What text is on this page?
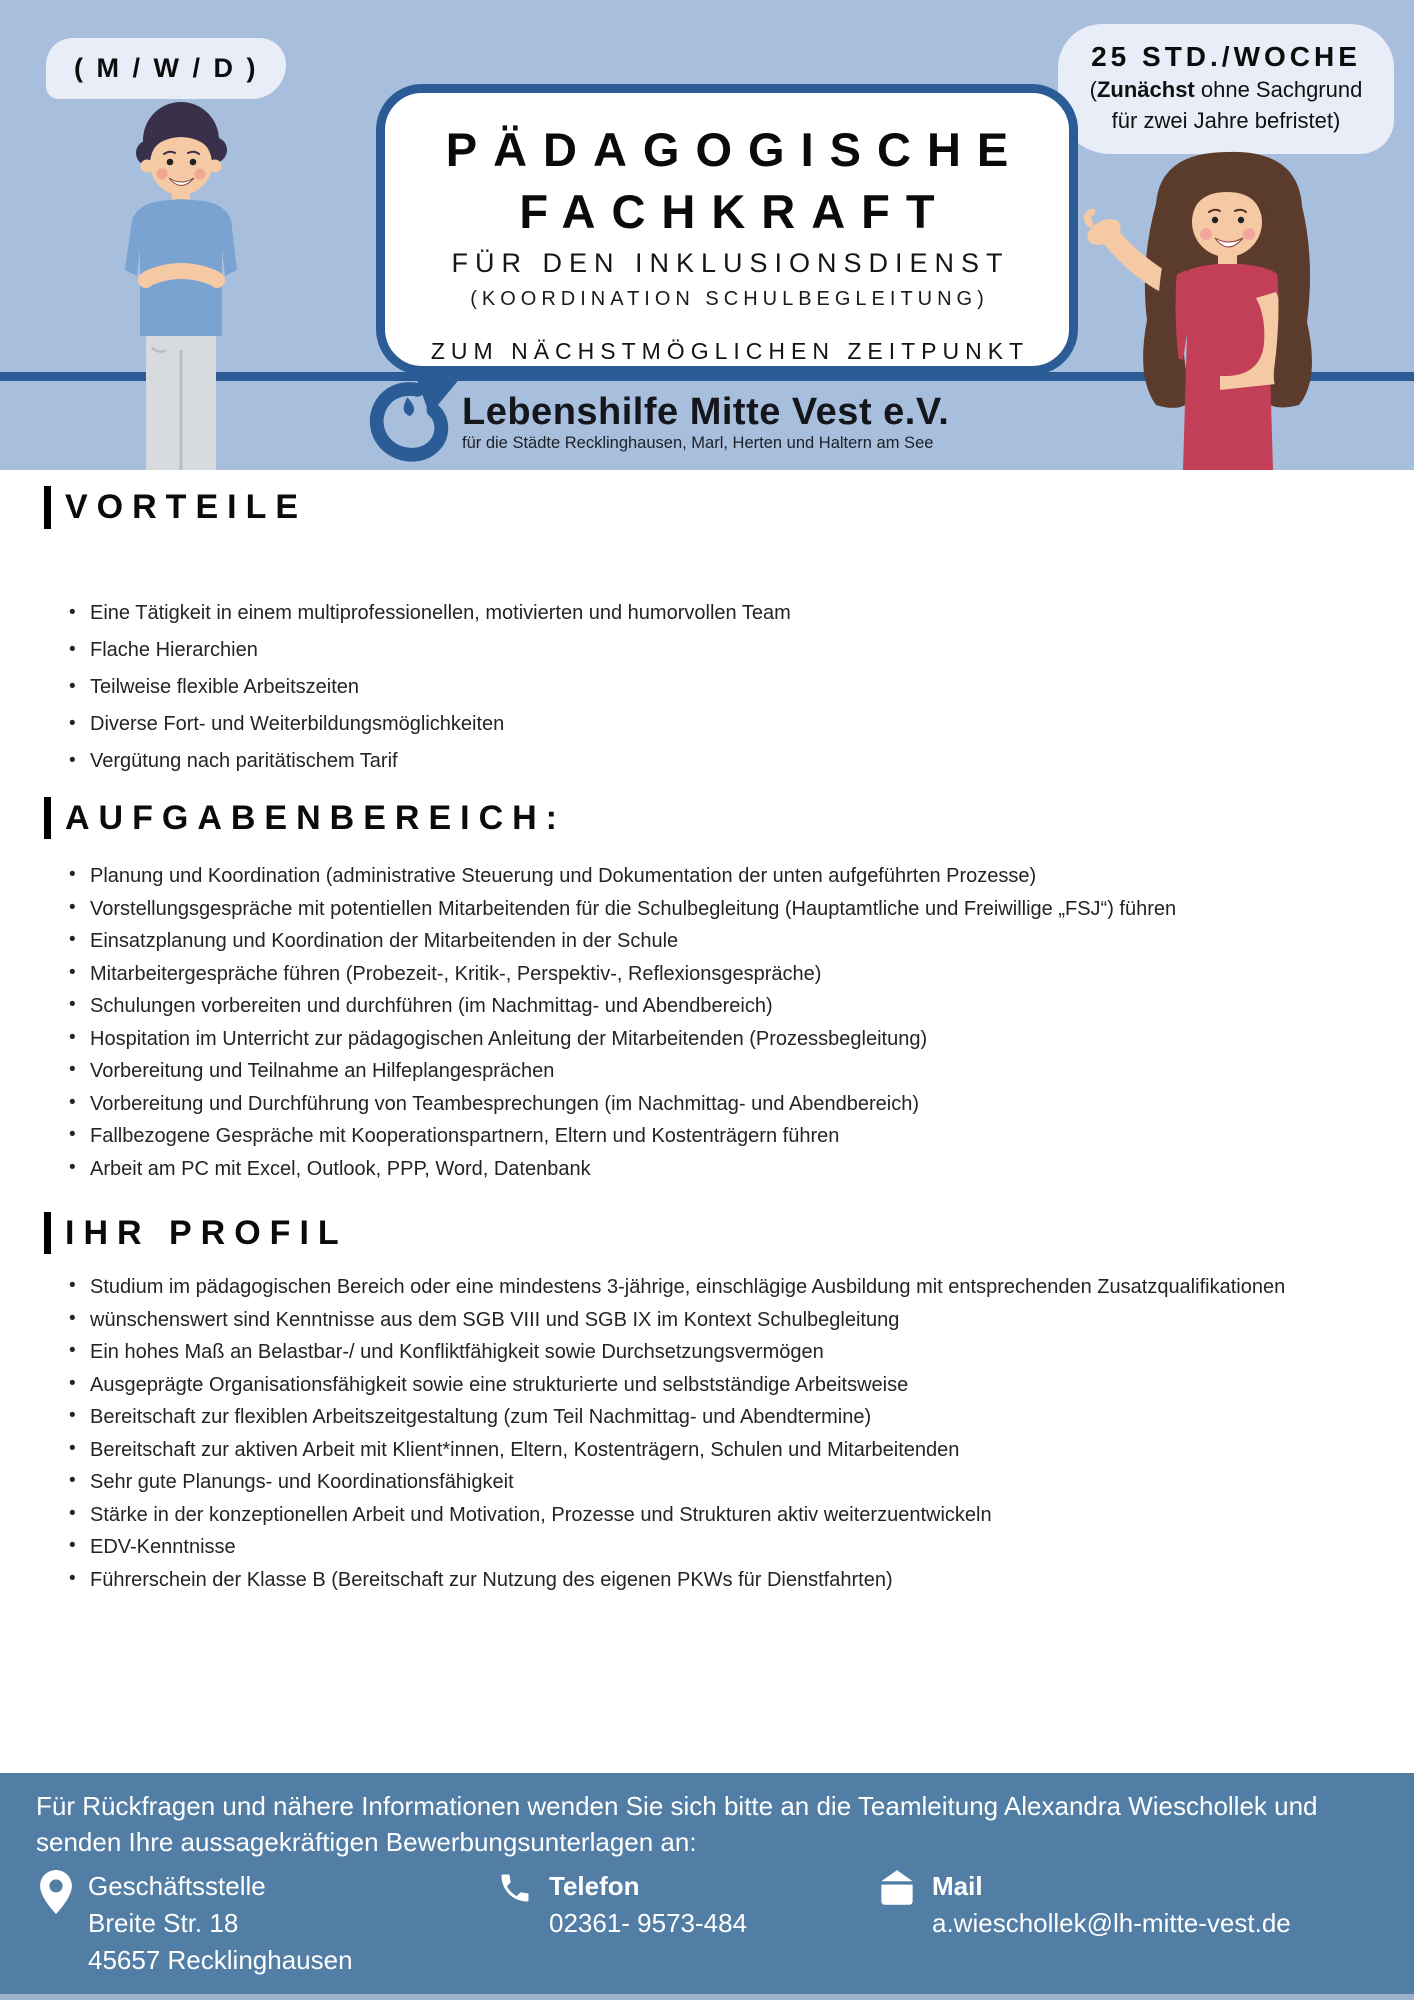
( M / W / D )	25 STD./WOCHE
(Zunächst ohne Sachgrund
für zwei Jahre befristet)
PÄDAGOGISCHE
FACHKRAFT
FÜR DEN INKLUSIONSDIENST
(KOORDINATION SCHULBEGLEITUNG)
ZUM NÄCHSTMÖGLICHEN ZEITPUNKT
Lebenshilfe Mitte Vest e.V.
für die Städte Recklinghausen, Marl, Herten und Haltern am See
VORTEILE
• Eine Tätigkeit in einem multiprofessionellen, motivierten und humorvollen Team
• Flache Hierarchien
• Teilweise flexible Arbeitszeiten
• Diverse Fort- und Weiterbildungsmöglichkeiten
• Vergütung nach paritätischem Tarif
AUFGABENBEREICH:
• Planung und Koordination (administrative Steuerung und Dokumentation der unten aufgeführten Prozesse)
• Vorstellungsgespräche mit potentiellen Mitarbeitenden für die Schulbegleitung (Hauptamtliche und Freiwillige „FSJ“) führen
• Einsatzplanung und Koordination der Mitarbeitenden in der Schule
• Mitarbeitergespräche führen (Probezeit-, Kritik-, Perspektiv-, Reflexionsgespräche)
• Schulungen vorbereiten und durchführen (im Nachmittag- und Abendbereich)
• Hospitation im Unterricht zur pädagogischen Anleitung der Mitarbeitenden (Prozessbegleitung)
• Vorbereitung und Teilnahme an Hilfeplangesprächen
• Vorbereitung und Durchführung von Teambesprechungen (im Nachmittag- und Abendbereich)
• Fallbezogene Gespräche mit Kooperationspartnern, Eltern und Kostenträgern führen
• Arbeit am PC mit Excel, Outlook, PPP, Word, Datenbank
IHR PROFIL
• Studium im pädagogischen Bereich oder eine mindestens 3-jährige, einschlägige Ausbildung mit entsprechenden Zusatzqualifikationen
• wünschenswert sind Kenntnisse aus dem SGB VIII und SGB IX im Kontext Schulbegleitung
• Ein hohes Maß an Belastbar-/ und Konfliktfähigkeit sowie Durchsetzungsvermögen
• Ausgeprägte Organisationsfähigkeit sowie eine strukturierte und selbstständige Arbeitsweise
• Bereitschaft zur flexiblen Arbeitszeitgestaltung (zum Teil Nachmittag- und Abendtermine)
• Bereitschaft zur aktiven Arbeit mit Klient*innen, Eltern, Kostenträgern, Schulen und Mitarbeitenden
• Sehr gute Planungs- und Koordinationsfähigkeit
• Stärke in der konzeptionellen Arbeit und Motivation, Prozesse und Strukturen aktiv weiterzuentwickeln
• EDV-Kenntnisse
• Führerschein der Klasse B (Bereitschaft zur Nutzung des eigenen PKWs für Dienstfahrten)

Für Rückfragen und nähere Informationen wenden Sie sich bitte an die Teamleitung Alexandra Wieschollek und senden Ihre aussagekräftigen Bewerbungsunterlagen an:

Geschäftsstelle
Breite Str. 18
45657 Recklinghausen
Telefon
02361- 9573-484
Mail
a.wieschollek@lh-mitte-vest.de
